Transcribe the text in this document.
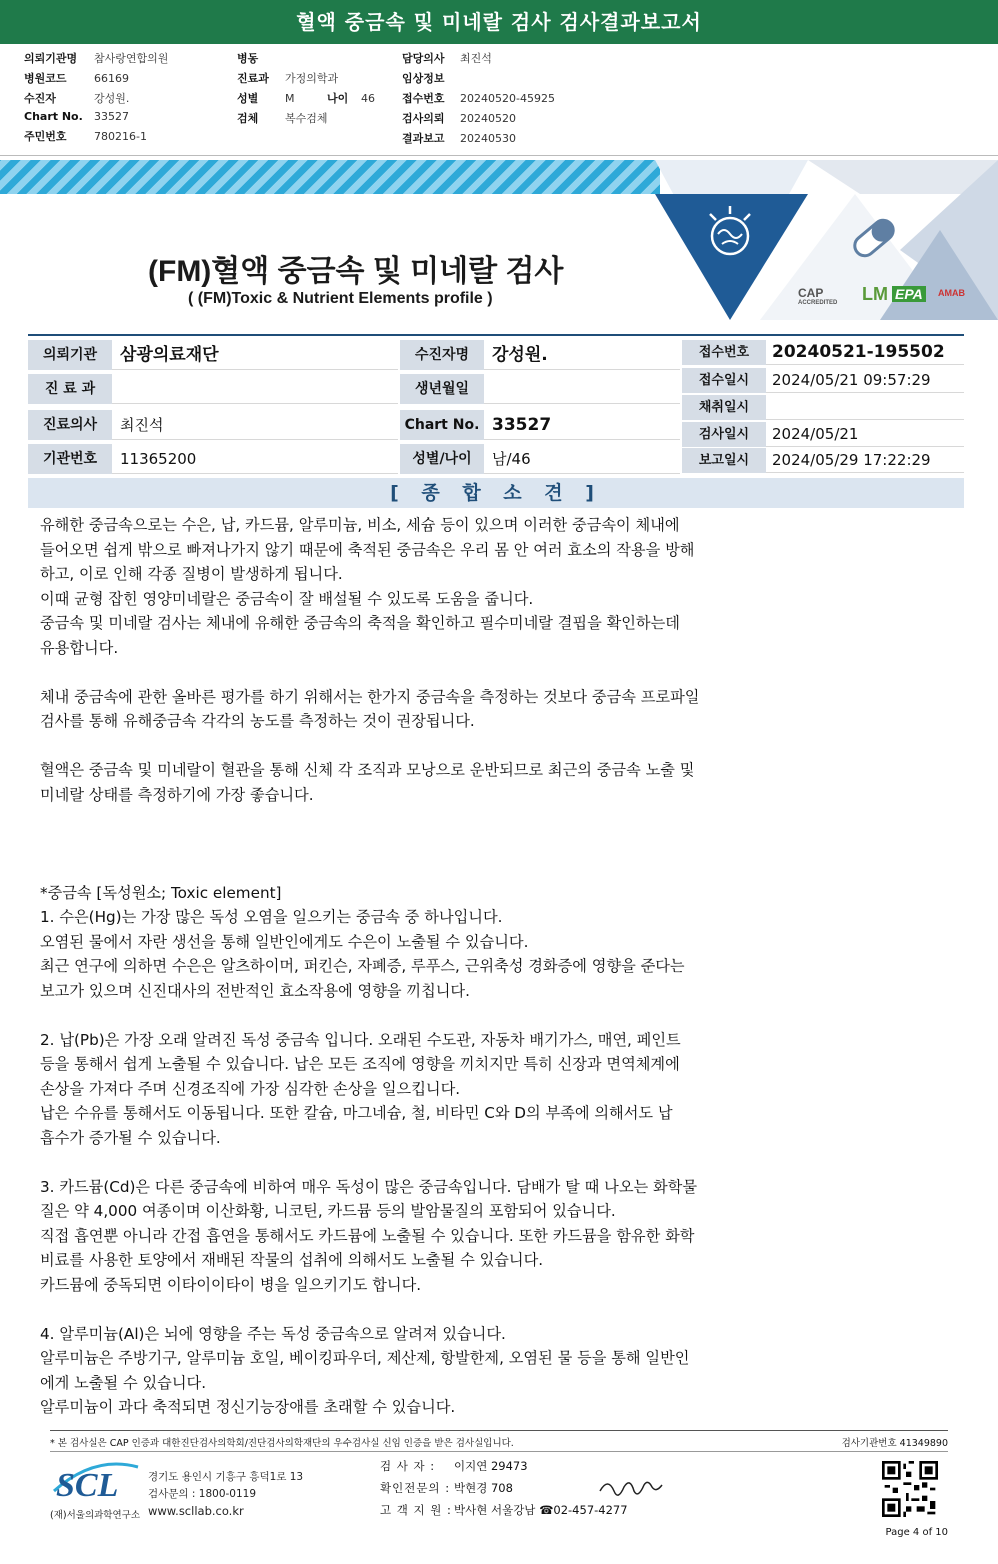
혈액 중금속 및 미네랄 검사 검사결과보고서
의뢰기관명 참사랑연합의원
병원코드 66169
수진자	강성원.
Chart No. 33527
주민번호 780216-1
병동
진료과 가정의학과
성별 M	나이 46
검체 복수검체
담당의사 최진석
임상정보
접수번호 20240520-45925
검사의뢰 20240520
결과보고 20240530
(FM)혈액 중금속 및 미네랄 검사
( (FM)Toxic & Nutrient Elements profile )	CAP
ACCREDITED LM EPA	AMAB
의뢰기관	삼광의료재단
진 료 과
진료의사	최진석
기관번호	11365200
수진자명	강성원.
생년월일
Chart No. 33527
성별/나이	남/46
접수번호	20240521-195502
접수일시	2024/05/21 09:57:29
채취일시
검사일시	2024/05/21
보고일시	2024/05/29 17:22:29
[ 종 합 소 견 ]
유해한 중금속으로는 수은, 납, 카드뮴, 알루미늄, 비소, 세슘 등이 있으며 이러한 중금속이 체내에
들어오면 쉽게 밖으로 빠져나가지 않기 때문에 축적된 중금속은 우리 몸 안 여러 효소의 작용을 방해
하고, 이로 인해 각종 질병이 발생하게 됩니다.
이때 균형 잡힌 영양미네랄은 중금속이 잘 배설될 수 있도록 도움을 줍니다.
중금속 및 미네랄 검사는 체내에 유해한 중금속의 축적을 확인하고 필수미네랄 결핍을 확인하는데
유용합니다.
체내 중금속에 관한 올바른 평가를 하기 위해서는 한가지 중금속을 측정하는 것보다 중금속 프로파일
검사를 통해 유해중금속 각각의 농도를 측정하는 것이 권장됩니다.
혈액은 중금속 및 미네랄이 혈관을 통해 신체 각 조직과 모낭으로 운반되므로 최근의 중금속 노출 및
미네랄 상태를 측정하기에 가장 좋습니다.
*중금속 [독성원소; Toxic element]
1. 수은(Hg)는 가장 많은 독성 오염을 일으키는 중금속 중 하나입니다.
오염된 물에서 자란 생선을 통해 일반인에게도 수은이 노출될 수 있습니다.
최근 연구에 의하면 수은은 알츠하이머, 퍼킨슨, 자폐증, 루푸스, 근위축성 경화증에 영향을 준다는
보고가 있으며 신진대사의 전반적인 효소작용에 영향을 끼칩니다.
2. 납(Pb)은 가장 오래 알려진 독성 중금속 입니다. 오래된 수도관, 자동차 배기가스, 매연, 페인트
등을 통해서 쉽게 노출될 수 있습니다. 납은 모든 조직에 영향을 끼치지만 특히 신장과 면역체계에
손상을 가져다 주며 신경조직에 가장 심각한 손상을 일으킵니다.
납은 수유를 통해서도 이동됩니다. 또한 칼슘, 마그네슘, 철, 비타민 C와 D의 부족에 의해서도 납
흡수가 증가될 수 있습니다.
3. 카드뮴(Cd)은 다른 중금속에 비하여 매우 독성이 많은 중금속입니다. 담배가 탈 때 나오는 화학물
질은 약 4,000 여종이며 이산화황, 니코틴, 카드뮴 등의 발암물질의 포함되어 있습니다.
직접 흡연뿐 아니라 간접 흡연을 통해서도 카드뮴에 노출될 수 있습니다. 또한 카드뮴을 함유한 화학
비료를 사용한 토양에서 재배된 작물의 섭취에 의해서도 노출될 수 있습니다.
카드뮴에 중독되면 이타이이타이 병을 일으키기도 합니다.
4. 알루미늄(Al)은 뇌에 영향을 주는 독성 중금속으로 알려져 있습니다.
알루미늄은 주방기구, 알루미늄 호일, 베이킹파우더, 제산제, 항발한제, 오염된 물 등을 통해 일반인
에게 노출될 수 있습니다.
알루미늄이 과다 축적되면 정신기능장애를 초래할 수 있습니다.
* 본 검사실은 CAP 인증과 대한진단검사의학회/진단검사의학재단의 우수검사실 신임 인증을 받은 검사실입니다.	검사기관번호 41349890
SCL
(재)서울의과학연구소
경기도 용인시 기흥구 흥덕1로 13
검사문의 : 1800-0119
www.scllab.co.kr
검 사 자 : 이지연 29473
확인전문의 : 박현경 708
고 객 지 원 : 박사현 서울강남 ☎02-457-4277
Page 4 of 10
